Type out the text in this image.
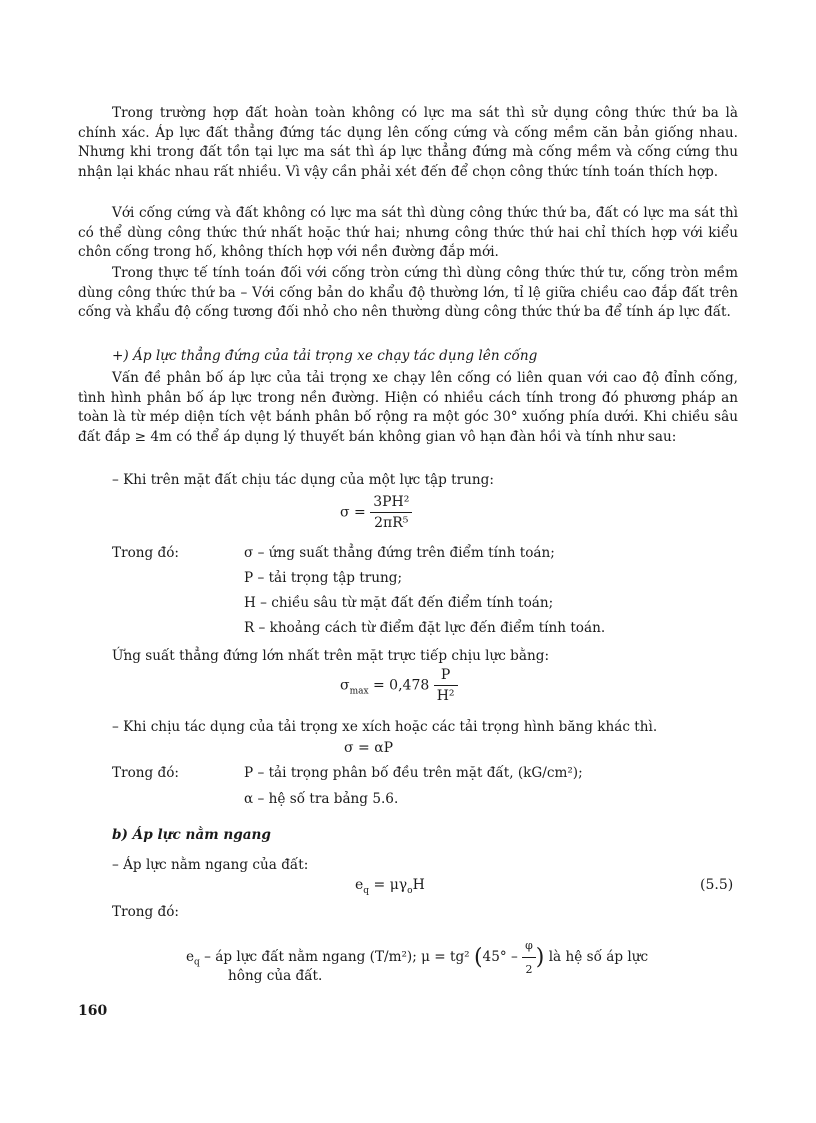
Trong trường hợp đất hoàn toàn không có lực ma sát thì sử dụng công thức thứ ba là chính xác. Áp lực đất thẳng đứng tác dụng lên cống cứng và cống mềm căn bản giống nhau. Nhưng khi trong đất tồn tại lực ma sát thì áp lực thẳng đứng mà cống mềm và cống cứng thu nhận lại khác nhau rất nhiều. Vì vậy cần phải xét đến để chọn công thức tính toán thích hợp.

Với cống cứng và đất không có lực ma sát thì dùng công thức thứ ba, đất có lực ma sát thì có thể dùng công thức thứ nhất hoặc thứ hai; nhưng công thức thứ hai chỉ thích hợp với kiểu chôn cống trong hố, không thích hợp với nền đường đắp mới.

Trong thực tế tính toán đối với cống tròn cứng thì dùng công thức thứ tư, cống tròn mềm dùng công thức thứ ba – Với cống bản do khẩu độ thường lớn, tỉ lệ giữa chiều cao đắp đất trên cống và khẩu độ cống tương đối nhỏ cho nên thường dùng công thức thứ ba để tính áp lực đất.

+) Áp lực thẳng đứng của tải trọng xe chạy tác dụng lên cống

Vấn đề phân bố áp lực của tải trọng xe chạy lên cống có liên quan với cao độ đỉnh cống, tình hình phân bố áp lực trong nền đường. Hiện có nhiều cách tính trong đó phương pháp an toàn là từ mép diện tích vệt bánh phân bố rộng ra một góc 30° xuống phía dưới. Khi chiều sâu đất đắp ≥ 4m có thể áp dụng lý thuyết bán không gian vô hạn đàn hồi và tính như sau:

– Khi trên mặt đất chịu tác dụng của một lực tập trung:
$\sigma = \frac{\text{3PH²}}{\text{2πR⁵}}$
Trong đó:	σ – ứng suất thẳng đứng trên điểm tính toán;
P – tải trọng tập trung;
H – chiều sâu từ mặt đất đến điểm tính toán;
R – khoảng cách từ điểm đặt lực đến điểm tính toán.
Ứng suất thẳng đứng lớn nhất trên mặt trực tiếp chịu lực bằng:
$\sigma_{max} = 0,478 \frac{P}{\text{H²}}$
– Khi chịu tác dụng của tải trọng xe xích hoặc các tải trọng hình băng khác thì.
σ = αP
Trong đó:	P – tải trọng phân bố đều trên mặt đất, (kG/cm²);
α – hệ số tra bảng 5.6.
b) Áp lực nằm ngang
– Áp lực nằm ngang của đất:
$e_q = \mu\gamma_oH$	(5.5)
Trong đó:
$e_q$ – áp lực đất nằm ngang (T/m²); μ = tg² ($45^\circ - \frac{\varphi}{2}$ ) là hệ số áp lực
hông của đất.
160
